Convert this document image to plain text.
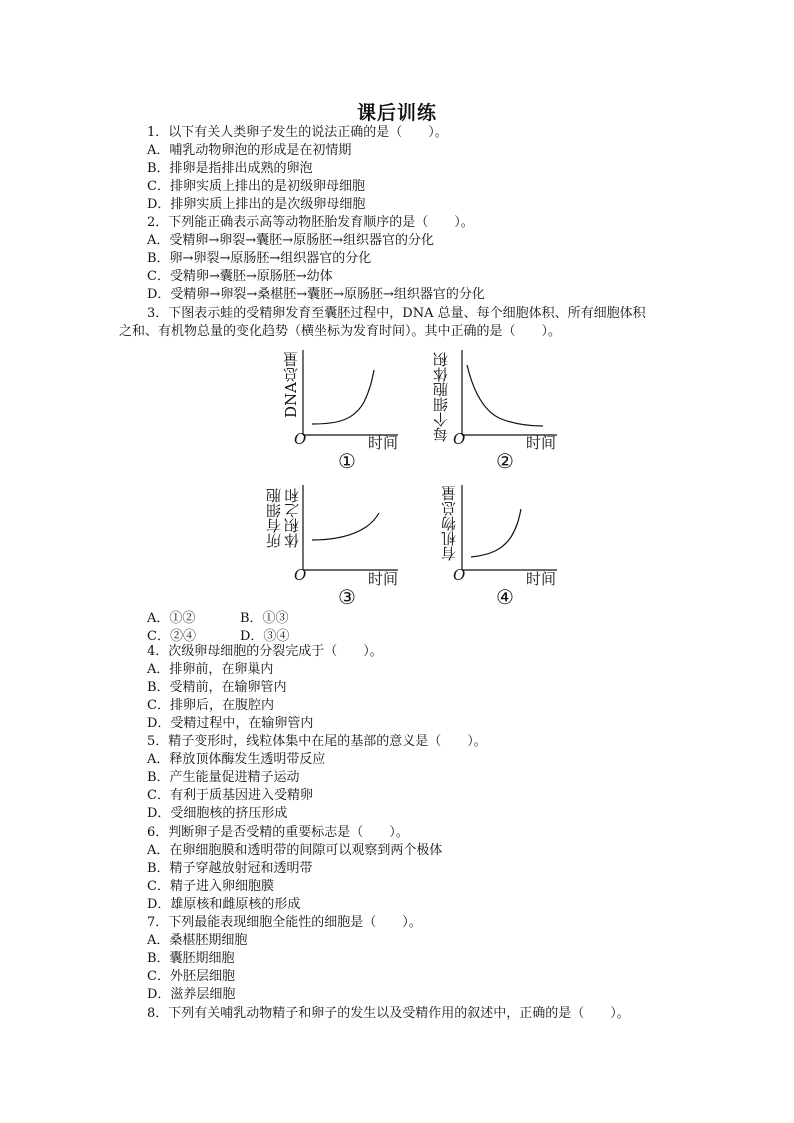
课后训练
1．以下有关人类卵子发生的说法正确的是（　　）。
A．哺乳动物卵泡的形成是在初情期
B．排卵是指排出成熟的卵泡
C．排卵实质上排出的是初级卵母细胞
D．排卵实质上排出的是次级卵母细胞
2．下列能正确表示高等动物胚胎发育顺序的是（　　）。
A．受精卵→卵裂→囊胚→原肠胚→组织器官的分化
B．卵→卵裂→原肠胚→组织器官的分化
C．受精卵→囊胚→原肠胚→幼体
D．受精卵→卵裂→桑椹胚→囊胚→原肠胚→组织器官的分化
3．下图表示蛙的受精卵发育至囊胚过程中，DNA 总量、每个细胞体积、所有细胞体积
之和、有机物总量的变化趋势（横坐标为发育时间）。其中正确的是（　　）。
DNA总量
O	时间
①
每个细胞体积 O	时间
②
所有细胞 体积之和
O	时间
③
有机物总量
O	时间
④
A．①②	B．①③
C．②④	D．③④
4．次级卵母细胞的分裂完成于（　　）。
A．排卵前，在卵巢内
B．受精前，在输卵管内
C．排卵后，在腹腔内
D．受精过程中，在输卵管内
5．精子变形时，线粒体集中在尾的基部的意义是（　　）。
A．释放顶体酶发生透明带反应
B．产生能量促进精子运动
C．有利于质基因进入受精卵
D．受细胞核的挤压形成
6．判断卵子是否受精的重要标志是（　　）。
A．在卵细胞膜和透明带的间隙可以观察到两个极体
B．精子穿越放射冠和透明带
C．精子进入卵细胞膜
D．雄原核和雌原核的形成
7．下列最能表现细胞全能性的细胞是（　　）。
A．桑椹胚期细胞
B．囊胚期细胞
C．外胚层细胞
D．滋养层细胞
8．下列有关哺乳动物精子和卵子的发生以及受精作用的叙述中，正确的是（　　）。
